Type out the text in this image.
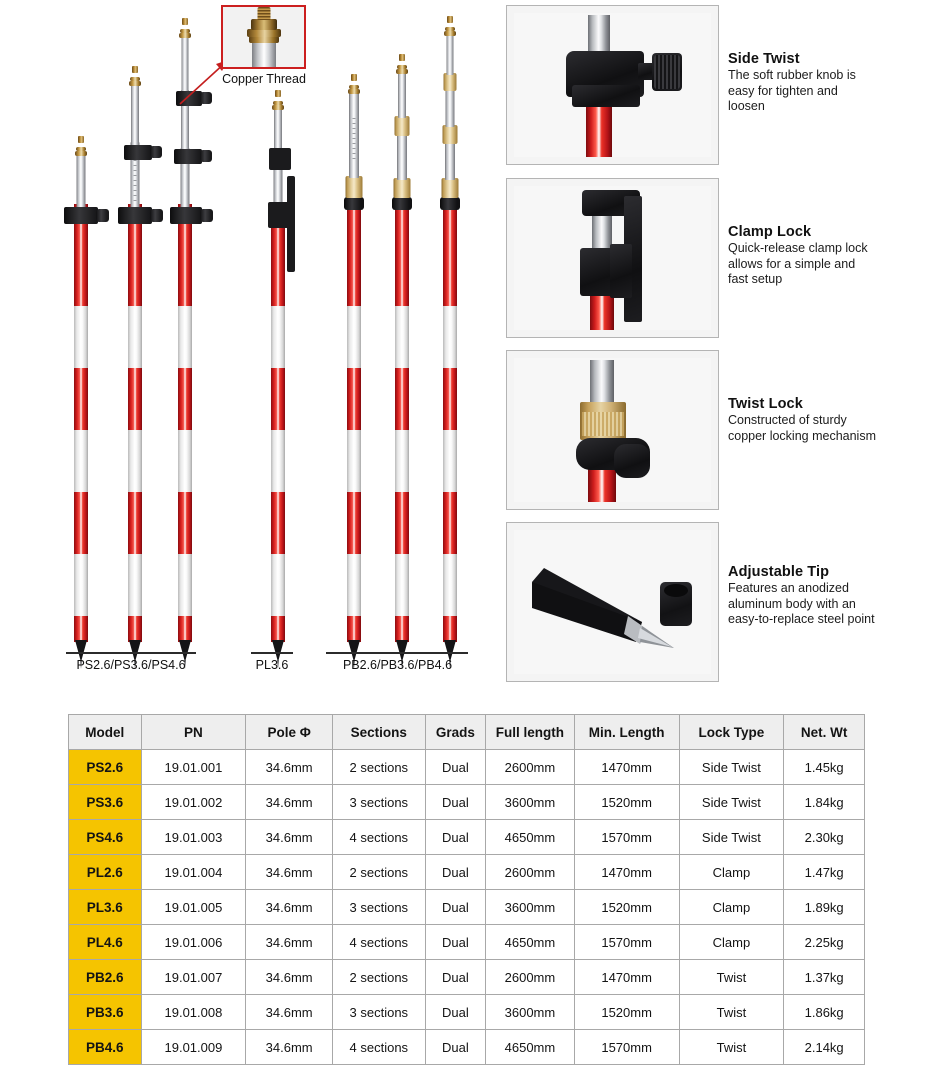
PS2.6/PS3.6/PS4.6	PL3.6	PB2.6/PB3.6/PB4.6
Copper Thread
Side Twist
The soft rubber knob is easy for tighten and loosen
Clamp Lock
Quick-release clamp lock allows for a simple and fast setup
Twist Lock
Constructed of sturdy copper locking mechanism
Adjustable Tip
Features an anodized aluminum body with an easy-to-replace steel point
Model	PN	Pole Φ	Sections	Grads	Full length	Min. Length	Lock Type	Net. Wt
PS2.6	19.01.001	34.6mm	2 sections	Dual	2600mm	1470mm	Side Twist	1.45kg
PS3.6	19.01.002	34.6mm	3 sections	Dual	3600mm	1520mm	Side Twist	1.84kg
PS4.6	19.01.003	34.6mm	4 sections	Dual	4650mm	1570mm	Side Twist	2.30kg
PL2.6	19.01.004	34.6mm	2 sections	Dual	2600mm	1470mm	Clamp	1.47kg
PL3.6	19.01.005	34.6mm	3 sections	Dual	3600mm	1520mm	Clamp	1.89kg
PL4.6	19.01.006	34.6mm	4 sections	Dual	4650mm	1570mm	Clamp	2.25kg
PB2.6	19.01.007	34.6mm	2 sections	Dual	2600mm	1470mm	Twist	1.37kg
PB3.6	19.01.008	34.6mm	3 sections	Dual	3600mm	1520mm	Twist	1.86kg
PB4.6	19.01.009	34.6mm	4 sections	Dual	4650mm	1570mm	Twist	2.14kg
